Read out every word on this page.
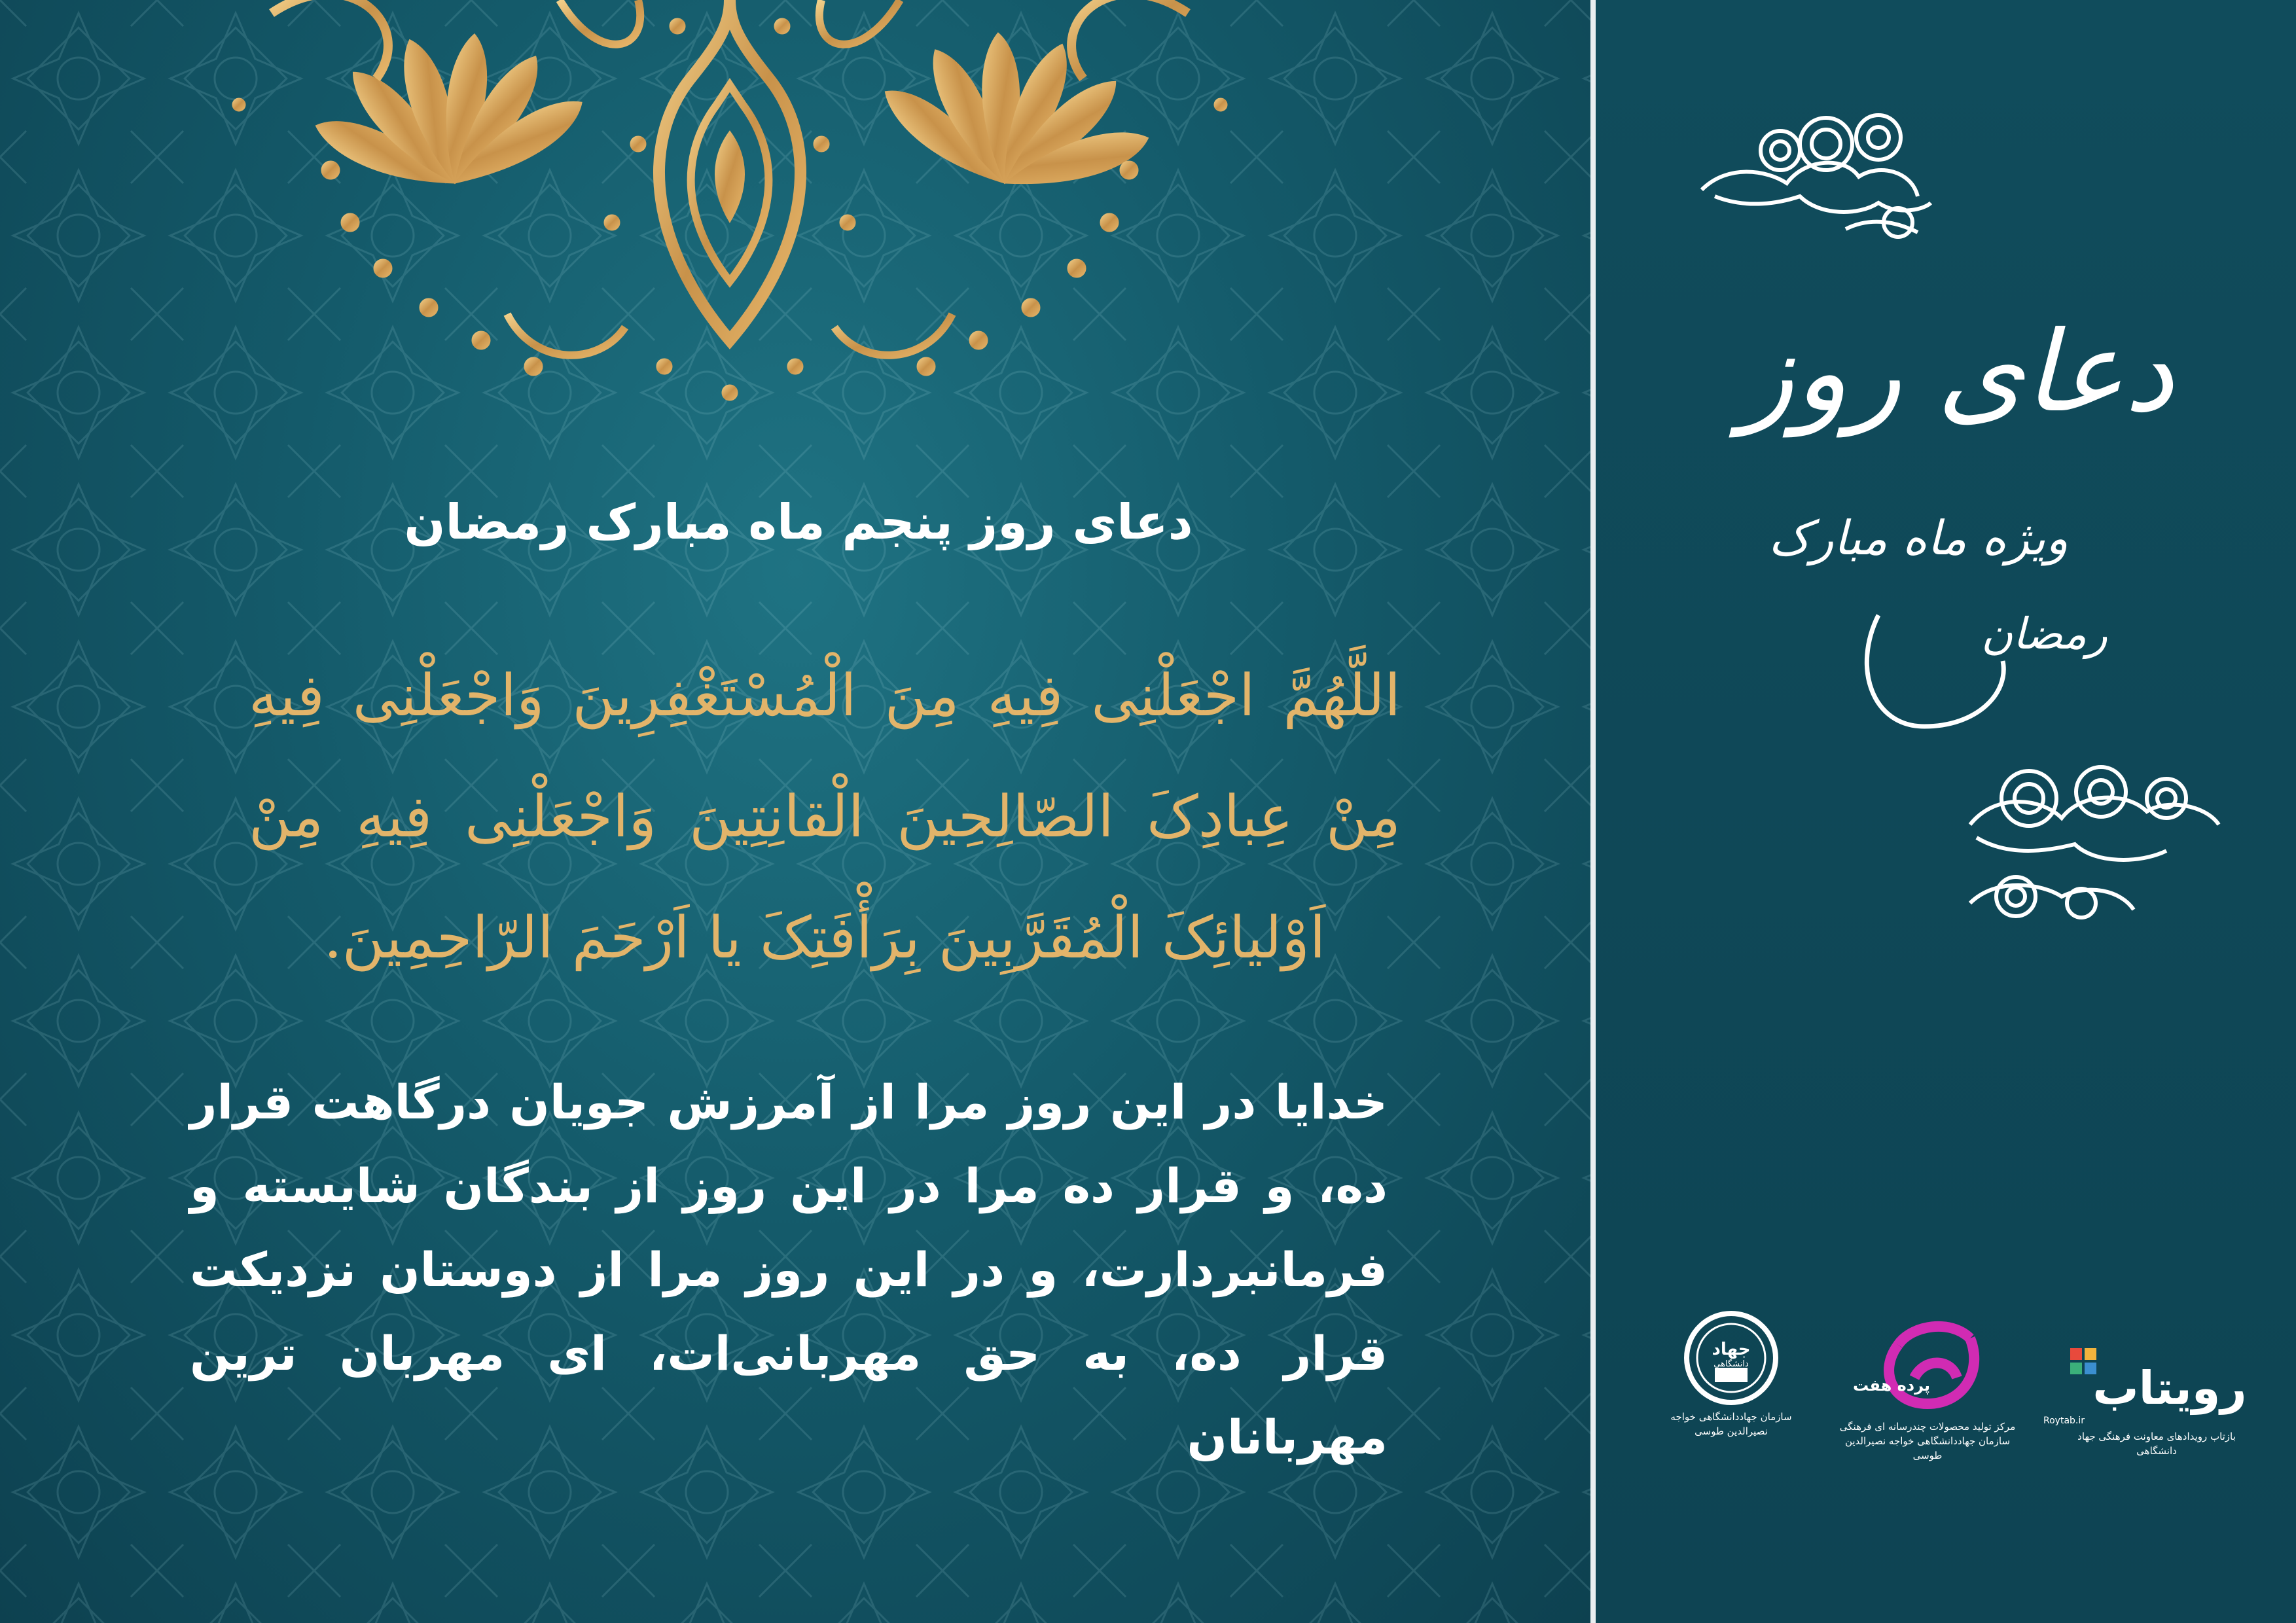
دعای روز پنجم ماه مبارک رمضان
اللَّهُمَّ اجْعَلْنِی فِیهِ مِنَ الْمُسْتَغْفِرِینَ وَاجْعَلْنِی فِیهِ مِنْ عِبادِکَ الصّالِحِینَ الْقانِتِینَ وَاجْعَلْنِی فِیهِ مِنْ اَوْلیائِکَ الْمُقَرَّبِینَ بِرَأْفَتِکَ یا اَرْحَمَ الرّاحِمِینَ.
خدایا در این روز مرا از آمرزش جویان درگاهت قرار ده، و قرار ده مرا در این روز از بندگان شایسته و فرمانبردارت، و در این روز مرا از دوستان نزدیکت قرار ده، به حق مهربانی‌ات، ای مهربان ترین مهربانان
دعای روز
ویژه ماه مبارک
رمضان
جهاد
دانشگاهی
سازمان جهاددانشگاهی خواجه نصیرالدین طوسی
پرده هفت
مرکز تولید محصولات چندرسانه ای فرهنگی سازمان جهاددانشگاهی خواجه نصیرالدین طوسی
رویتاب
Roytab.ir
بازتاب رویدادهای معاونت فرهنگی جهاد دانشگاهی
